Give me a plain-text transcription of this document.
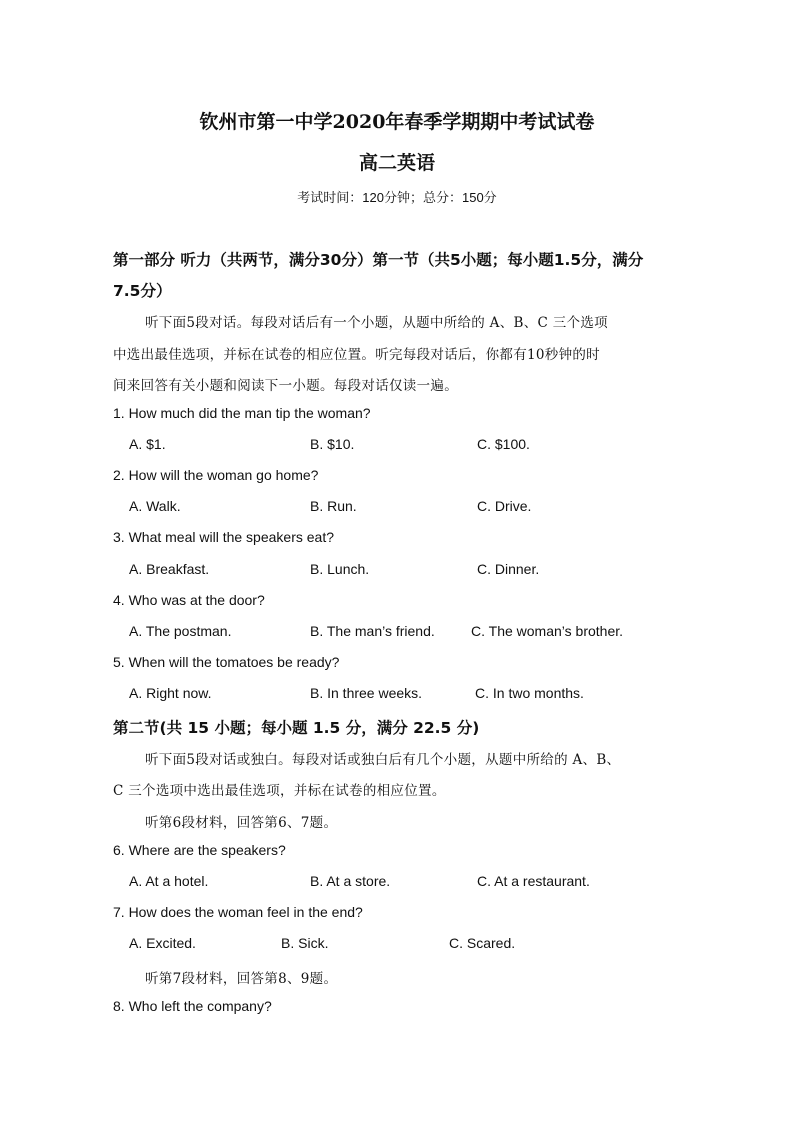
钦州市第一中学2020年春季学期期中考试试卷
高二英语
考试时间：120分钟；总分：150分
第一部分 听力（共两节，满分30分）第一节（共5小题；每小题1.5分，满分
7.5分）
听下面5段对话。每段对话后有一个小题，从题中所给的 A、B、C 三个选项
中选出最佳选项，并标在试卷的相应位置。听完每段对话后，你都有10秒钟的时
间来回答有关小题和阅读下一小题。每段对话仅读一遍。
1. How much did the man tip the woman?
A. $1.	B. $10.	C. $100.
2. How will the woman go home?
A. Walk.	B. Run.	C. Drive.
3. What meal will the speakers eat?
A. Breakfast.	B. Lunch.	C. Dinner.
4. Who was at the door?
A. The postman.	B. The man’s friend.	C. The woman’s brother.
5. When will the tomatoes be ready?
A. Right now.	B. In three weeks.	C. In two months.
第二节(共 15 小题；每小题 1.5 分，满分 22.5 分)
听下面5段对话或独白。每段对话或独白后有几个小题，从题中所给的 A、B、
C 三个选项中选出最佳选项，并标在试卷的相应位置。
听第6段材料，回答第6、7题。
6. Where are the speakers?
A. At a hotel.	B. At a store.	C. At a restaurant.
7. How does the woman feel in the end?
A. Excited.	B. Sick.	C. Scared.
听第7段材料，回答第8、9题。
8. Who left the company?
